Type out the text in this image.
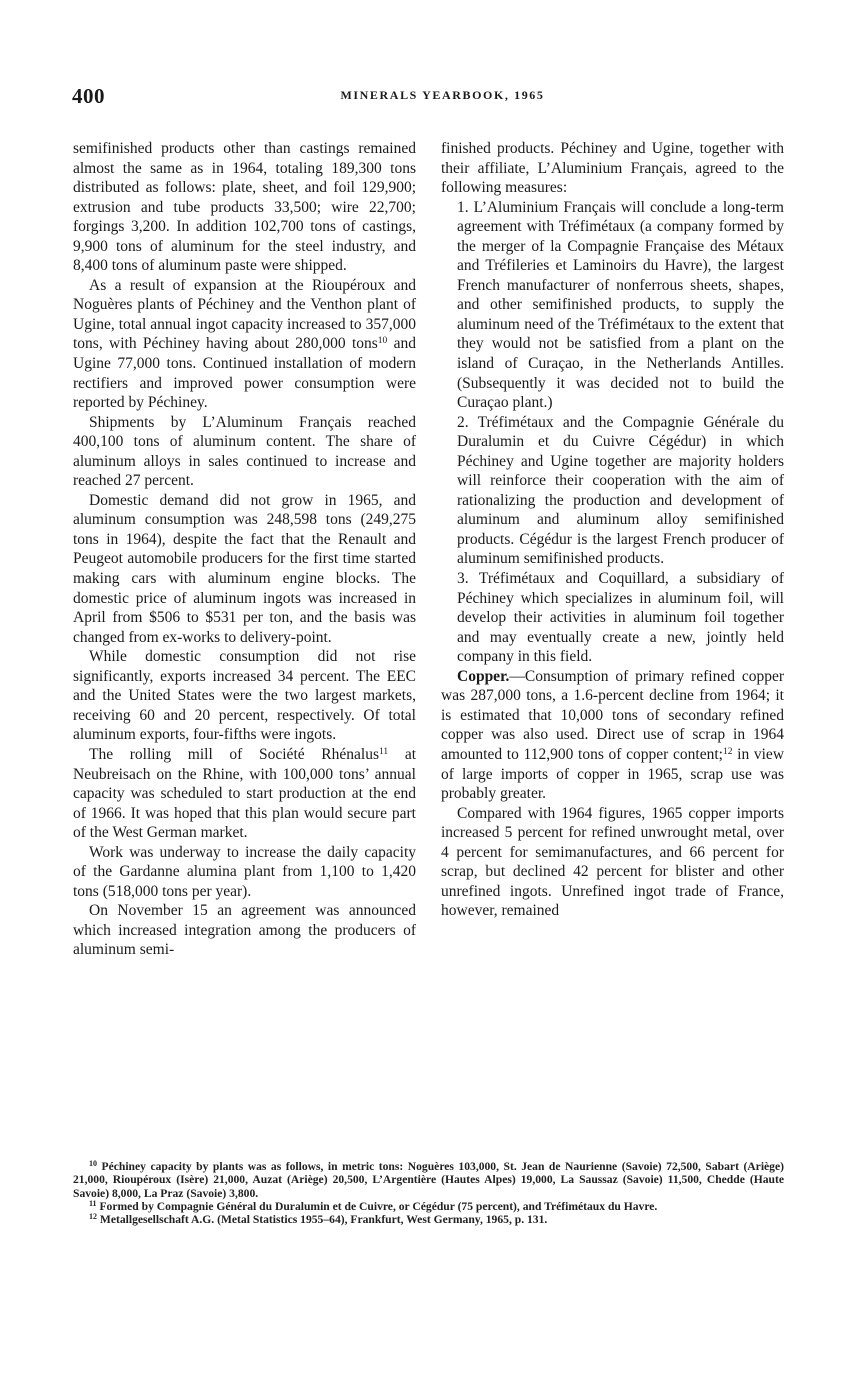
400	MINERALS YEARBOOK, 1965

semifinished products other than castings remained almost the same as in 1964, totaling 189,300 tons distributed as follows: plate, sheet, and foil 129,900; extrusion and tube products 33,500; wire 22,700; forgings 3,200. In addition 102,700 tons of castings, 9,900 tons of aluminum for the steel industry, and 8,400 tons of aluminum paste were shipped.

As a result of expansion at the Rioupéroux and Noguères plants of Péchiney and the Venthon plant of Ugine, total annual ingot capacity increased to 357,000 tons, with Péchiney having about 280,000 tons$^{10}$ and Ugine 77,000 tons. Continued installation of modern rectifiers and improved power consumption were reported by Péchiney.

Shipments by L’Aluminum Français reached 400,100 tons of aluminum content. The share of aluminum alloys in sales continued to increase and reached 27 percent.

Domestic demand did not grow in 1965, and aluminum consumption was 248,598 tons (249,275 tons in 1964), despite the fact that the Renault and Peugeot automobile producers for the first time started making cars with aluminum engine blocks. The domestic price of aluminum ingots was increased in April from $506 to $531 per ton, and the basis was changed from ex-works to delivery-point.

While domestic consumption did not rise significantly, exports increased 34 percent. The EEC and the United States were the two largest markets, receiving 60 and 20 percent, respectively. Of total aluminum exports, four-fifths were ingots.

The rolling mill of Société Rhénalus$^{11}$ at Neubreisach on the Rhine, with 100,000 tons’ annual capacity was scheduled to start production at the end of 1966. It was hoped that this plan would secure part of the West German market.

Work was underway to increase the daily capacity of the Gardanne alumina plant from 1,100 to 1,420 tons (518,000 tons per year).

On November 15 an agreement was announced which increased integration among the producers of aluminum semi-

finished products. Péchiney and Ugine, together with their affiliate, L’Aluminium Français, agreed to the following measures:

1. L’Aluminium Français will conclude a long-term agreement with Tréfimétaux (a company formed by the merger of la Compagnie Française des Métaux and Tréfileries et Laminoirs du Havre), the largest French manufacturer of nonferrous sheets, shapes, and other semifinished products, to supply the aluminum need of the Tréfimétaux to the extent that they would not be satisfied from a plant on the island of Curaçao, in the Netherlands Antilles. (Subsequently it was decided not to build the Curaçao plant.)

2. Tréfimétaux and the Compagnie Générale du Duralumin et du Cuivre Cégédur) in which Péchiney and Ugine together are majority holders will reinforce their cooperation with the aim of rationalizing the production and development of aluminum and aluminum alloy semifinished products. Cégédur is the largest French producer of aluminum semifinished products.

3. Tréfimétaux and Coquillard, a subsidiary of Péchiney which specializes in aluminum foil, will develop their activities in aluminum foil together and may eventually create a new, jointly held company in this field.

Copper.—Consumption of primary refined copper was 287,000 tons, a 1.6-percent decline from 1964; it is estimated that 10,000 tons of secondary refined copper was also used. Direct use of scrap in 1964 amounted to 112,900 tons of copper content;$^{12}$ in view of large imports of copper in 1965, scrap use was probably greater.

Compared with 1964 figures, 1965 copper imports increased 5 percent for refined unwrought metal, over 4 percent for semimanufactures, and 66 percent for scrap, but declined 42 percent for blister and other unrefined ingots. Unrefined ingot trade of France, however, remained

$^{10}$ Péchiney capacity by plants was as follows, in metric tons: Noguères 103,000, St. Jean de Naurienne (Savoie) 72,500, Sabart (Ariège) 21,000, Rioupéroux (Isère) 21,000, Auzat (Ariège) 20,500, L’Argentière (Hautes Alpes) 19,000, La Saussaz (Savoie) 11,500, Chedde (Haute Savoie) 8,000, La Praz (Savoie) 3,800.

$^{11}$ Formed by Compagnie Général du Duralumin et de Cuivre, or Cégédur (75 percent), and Tréfimétaux du Havre.

$^{12}$ Metallgesellschaft A.G. (Metal Statistics 1955–64), Frankfurt, West Germany, 1965, p. 131.
